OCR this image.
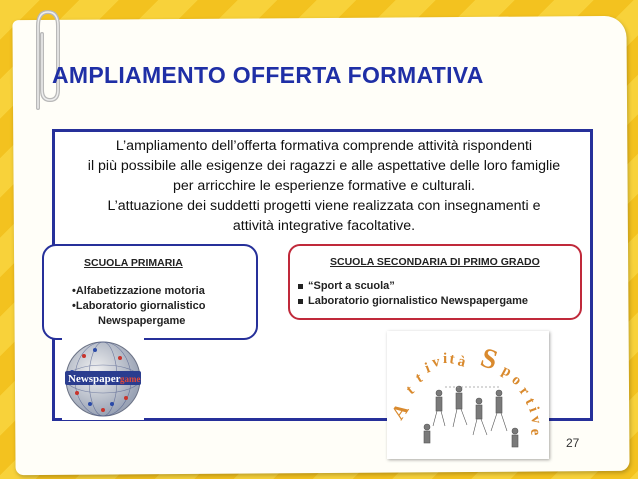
AMPLIAMENTO OFFERTA FORMATIVA

L’ampliamento dell’offerta formativa comprende attività rispondenti

il più possibile alle esigenze dei ragazzi e alle aspettative delle loro famiglie

per arricchire le esperienze formative e culturali.

L’attuazione dei suddetti progetti viene realizzata con insegnamenti e

attività integrative facoltative.

SCUOLA PRIMARIA
•Alfabetizzazione motoria
•Laboratorio giornalistico
Newspapergame
SCUOLA SECONDARIA DI PRIMO GRADO
“Sport a scuola”
Laboratorio giornalistico Newspapergame
Newspaper game
A
t
t
i
v i t à S
p
o
r
t
i
v
e
27
